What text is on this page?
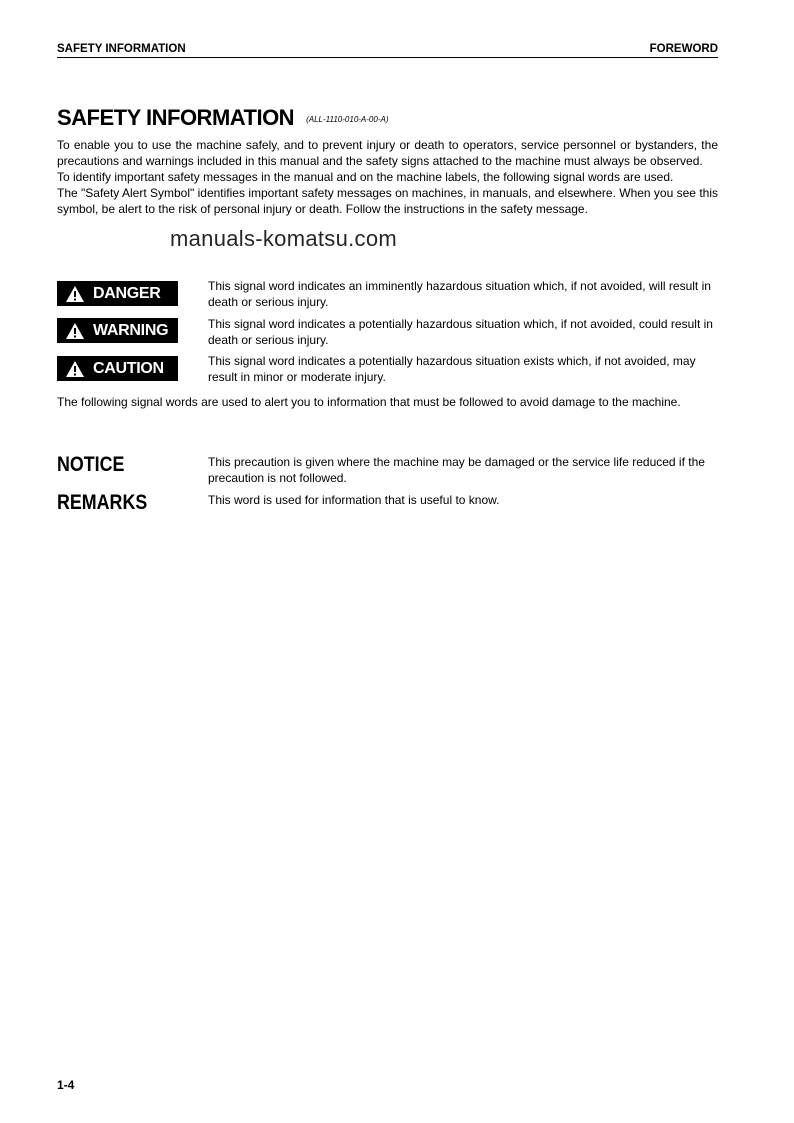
SAFETY INFORMATION	FOREWORD
SAFETY INFORMATION (ALL-1110-010-A-00-A)
To enable you to use the machine safely, and to prevent injury or death to operators, service personnel or bystanders, the precautions and warnings included in this manual and the safety signs attached to the machine must always be observed.
To identify important safety messages in the manual and on the machine labels, the following signal words are used.
The "Safety Alert Symbol" identifies important safety messages on machines, in manuals, and elsewhere. When you see this symbol, be alert to the risk of personal injury or death. Follow the instructions in the safety message.
manuals-komatsu.com
DANGER	This signal word indicates an imminently hazardous situation which, if not avoided, will result in death or serious injury.
WARNING	This signal word indicates a potentially hazardous situation which, if not avoided, could result in death or serious injury.
CAUTION	This signal word indicates a potentially hazardous situation exists which, if not avoided, may result in minor or moderate injury.
The following signal words are used to alert you to information that must be followed to avoid damage to the machine.
NOTICE	This precaution is given where the machine may be damaged or the service life reduced if the precaution is not followed.
REMARKS	This word is used for information that is useful to know.
1-4
